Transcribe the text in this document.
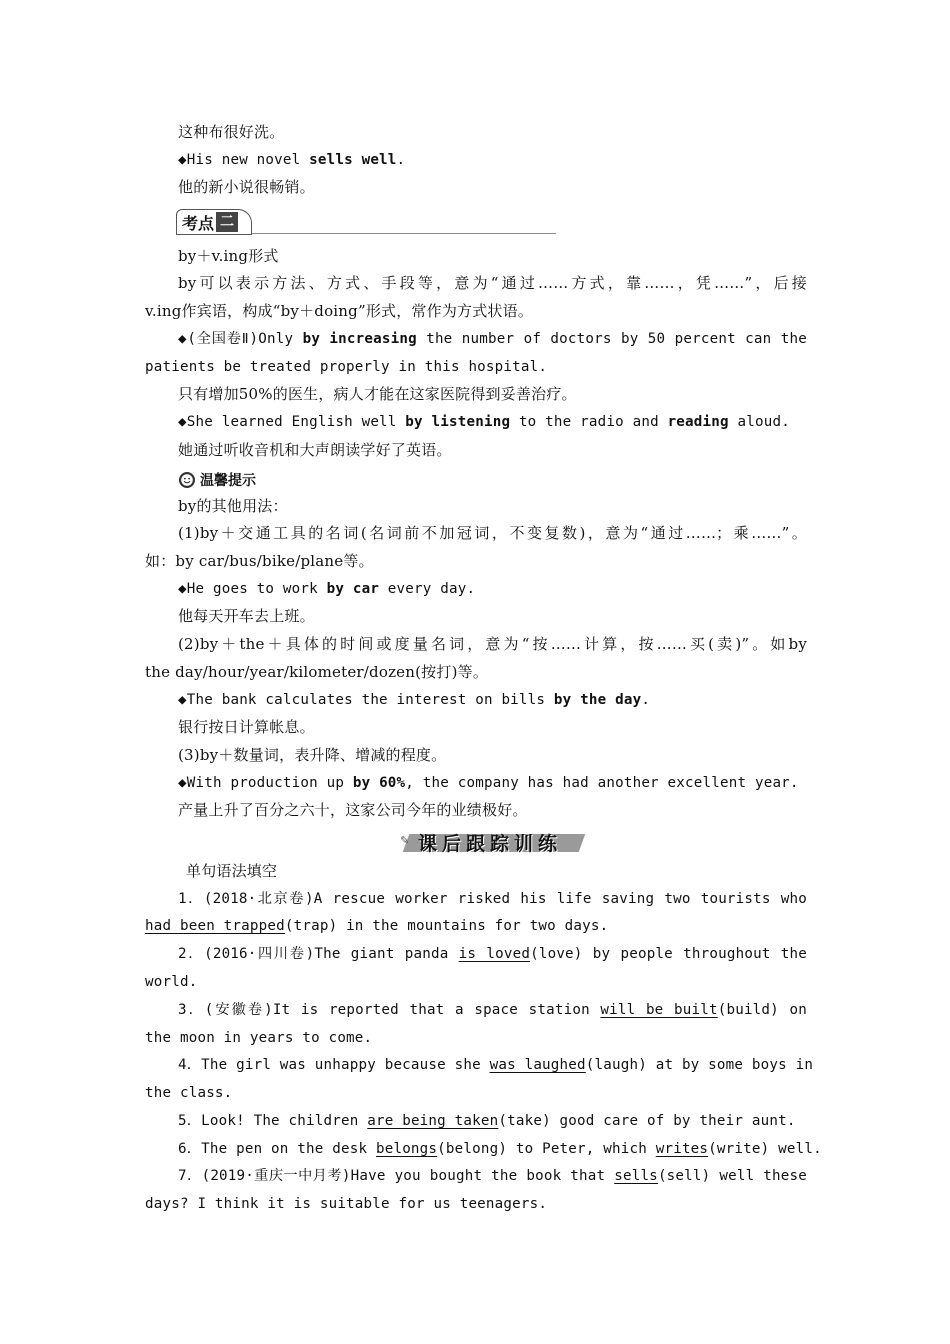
这种布很好洗。
◆His new novel sells well.
他的新小说很畅销。
考点 二
by＋v.ing形式
by可以表示方法、方式、手段等，意为“通过……方式，靠……，凭……”，后接
v.ing作宾语，构成“by＋doing”形式，常作为方式状语。
◆(全国卷Ⅱ)Only by increasing the number of doctors by 50 percent can the
patients be treated properly in this hospital.
只有增加50%的医生，病人才能在这家医院得到妥善治疗。
◆She learned English well by listening to the radio and reading aloud.
她通过听收音机和大声朗读学好了英语。
温馨提示
by的其他用法：
(1)by＋交通工具的名词(名词前不加冠词，不变复数)，意为“通过……；乘……”。
如：by car/bus/bike/plane等。
◆He goes to work by car every day.
他每天开车去上班。
(2)by＋the＋具体的时间或度量名词，意为“按……计算，按……买(卖)”。如by
the day/hour/year/kilometer/dozen(按打)等。
◆The bank calculates the interest on bills by the day.
银行按日计算帐息。
(3)by＋数量词，表升降、增减的程度。
◆With production up by 60%, the company has had another excellent year.
产量上升了百分之六十，这家公司今年的业绩极好。
✎ 课后跟踪训练
单句语法填空
1．(2018·北京卷)A rescue worker risked his life saving two tourists who
had been trapped(trap) in the mountains for two days.
2．(2016·四川卷)The giant panda is loved(love) by people throughout the
world.
3．(安徽卷)It is reported that a space station will be built(build) on
the moon in years to come.
4．The girl was unhappy because she was laughed(laugh) at by some boys in
the class.
5．Look! The children are being taken(take) good care of by their aunt.
6．The pen on the desk belongs(belong) to Peter, which writes(write) well.
7．(2019·重庆一中月考)Have you bought the book that sells(sell) well these
days? I think it is suitable for us teenagers.
